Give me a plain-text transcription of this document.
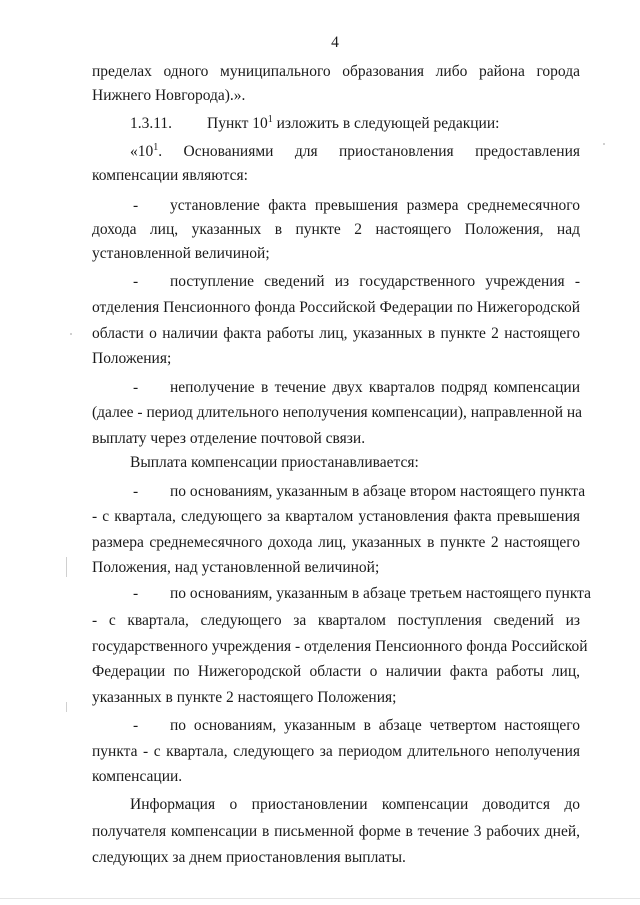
4
пределах одного муниципального образования либо района города
Нижнего Новгорода).».
1.3.11. Пункт $10^1$ изложить в следующей редакции:
«$10^1$. Основаниями для приостановления предоставления
компенсации являются:
- установление факта превышения размера среднемесячного
дохода лиц, указанных в пункте 2 настоящего Положения, над
установленной величиной;
- поступление сведений из государственного учреждения -
отделения Пенсионного фонда Российской Федерации по Нижегородской
области о наличии факта работы лиц, указанных в пункте 2 настоящего
Положения;
- неполучение в течение двух кварталов подряд компенсации
(далее - период длительного неполучения компенсации), направленной на
выплату через отделение почтовой связи.
Выплата компенсации приостанавливается:
- по основаниям, указанным в абзаце втором настоящего пункта
- с квартала, следующего за кварталом установления факта превышения
размера среднемесячного дохода лиц, указанных в пункте 2 настоящего
Положения, над установленной величиной;
- по основаниям, указанным в абзаце третьем настоящего пункта
- с квартала, следующего за кварталом поступления сведений из
государственного учреждения - отделения Пенсионного фонда Российской
Федерации по Нижегородской области о наличии факта работы лиц,
указанных в пункте 2 настоящего Положения;
- по основаниям, указанным в абзаце четвертом настоящего
пункта - с квартала, следующего за периодом длительного неполучения
компенсации.
Информация о приостановлении компенсации доводится до
получателя компенсации в письменной форме в течение 3 рабочих дней,
следующих за днем приостановления выплаты.
